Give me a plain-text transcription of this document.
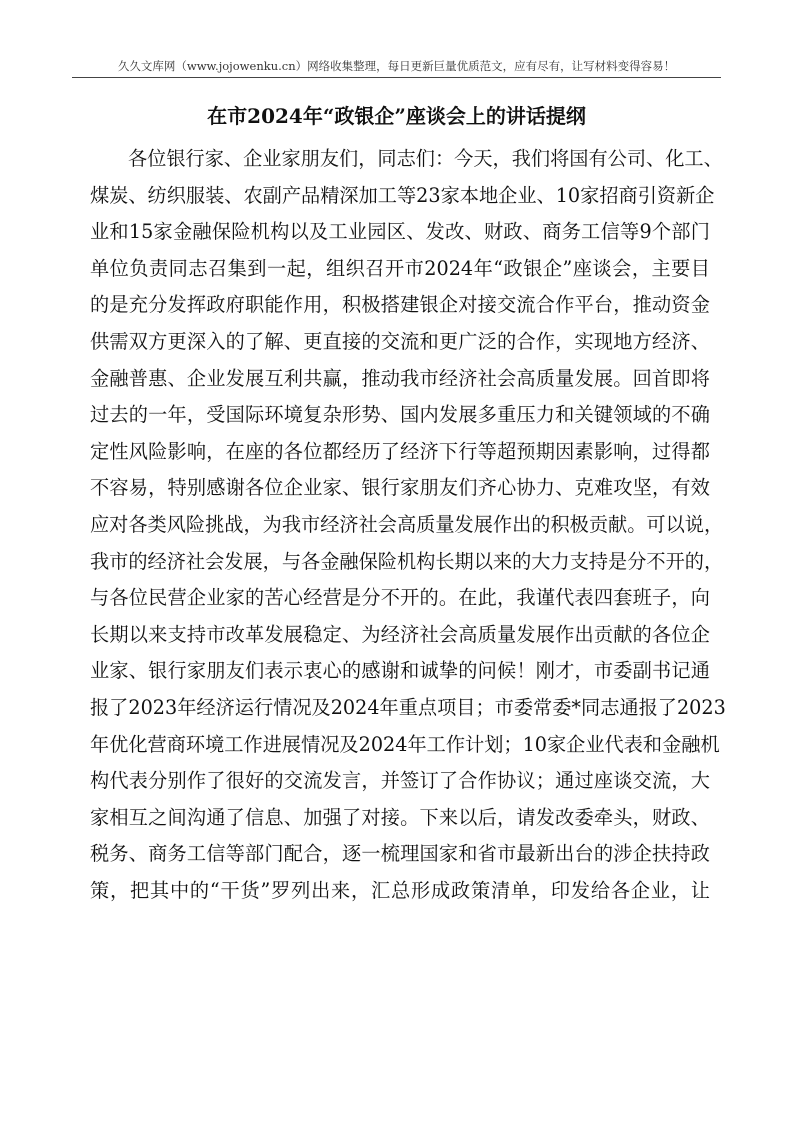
久久文库网（www.jojowenku.cn）网络收集整理，每日更新巨量优质范文，应有尽有，让写材料变得容易！
在市2024年“政银企”座谈会上的讲话提纲
各位银行家、企业家朋友们，同志们：今天，我们将国有公司、化工、
煤炭、纺织服装、农副产品精深加工等23家本地企业、10家招商引资新企
业和15家金融保险机构以及工业园区、发改、财政、商务工信等9个部门
单位负责同志召集到一起，组织召开市2024年“政银企”座谈会，主要目
的是充分发挥政府职能作用，积极搭建银企对接交流合作平台，推动资金
供需双方更深入的了解、更直接的交流和更广泛的合作，实现地方经济、
金融普惠、企业发展互利共赢，推动我市经济社会高质量发展。回首即将
过去的一年，受国际环境复杂形势、国内发展多重压力和关键领域的不确
定性风险影响，在座的各位都经历了经济下行等超预期因素影响，过得都
不容易，特别感谢各位企业家、银行家朋友们齐心协力、克难攻坚，有效
应对各类风险挑战，为我市经济社会高质量发展作出的积极贡献。可以说，
我市的经济社会发展，与各金融保险机构长期以来的大力支持是分不开的，
与各位民营企业家的苦心经营是分不开的。在此，我谨代表四套班子，向
长期以来支持市改革发展稳定、为经济社会高质量发展作出贡献的各位企
业家、银行家朋友们表示衷心的感谢和诚挚的问候！刚才，市委副书记通
报了2023年经济运行情况及2024年重点项目；市委常委*同志通报了2023
年优化营商环境工作进展情况及2024年工作计划；10家企业代表和金融机
构代表分别作了很好的交流发言，并签订了合作协议；通过座谈交流，大
家相互之间沟通了信息、加强了对接。下来以后，请发改委牵头，财政、
税务、商务工信等部门配合，逐一梳理国家和省市最新出台的涉企扶持政
策，把其中的“干货”罗列出来，汇总形成政策清单，印发给各企业，让
